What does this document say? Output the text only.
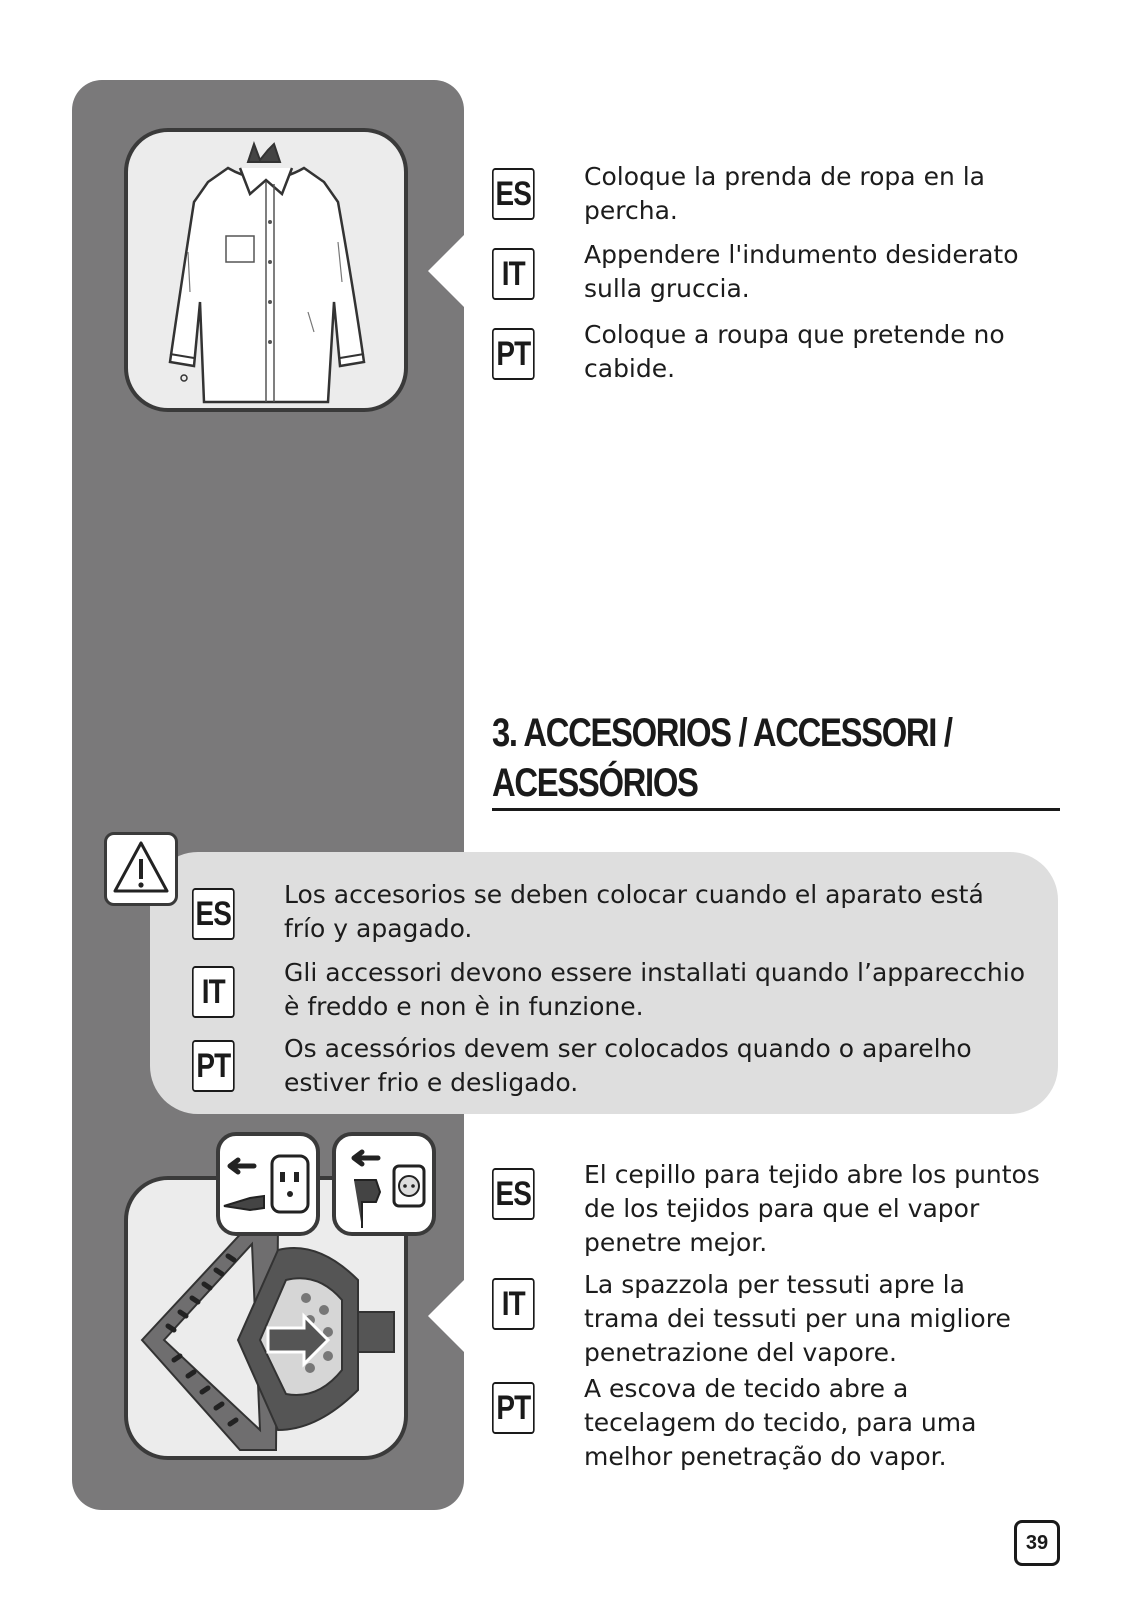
ES Coloque la prenda de ropa en la percha.
IT	Appendere l'indumento desiderato sulla gruccia.
PT Coloque a roupa que pretende no cabide.
3. ACCESORIOS / ACCESSORI /
ACESSÓRIOS
ES Los accesorios se deben colocar cuando el aparato está frío y apagado.
IT	Gli accessori devono essere installati quando l’apparecchio è freddo e non è in funzione.
PT Os acessórios devem ser colocados quando o aparelho estiver frio e desligado.
ES El cepillo para tejido abre los puntos de los tejidos para que el vapor penetre mejor.
IT	La spazzola per tessuti apre la trama dei tessuti per una migliore penetrazione del vapore.
PT A escova de tecido abre a tecelagem do tecido, para uma melhor penetração do vapor.
39
